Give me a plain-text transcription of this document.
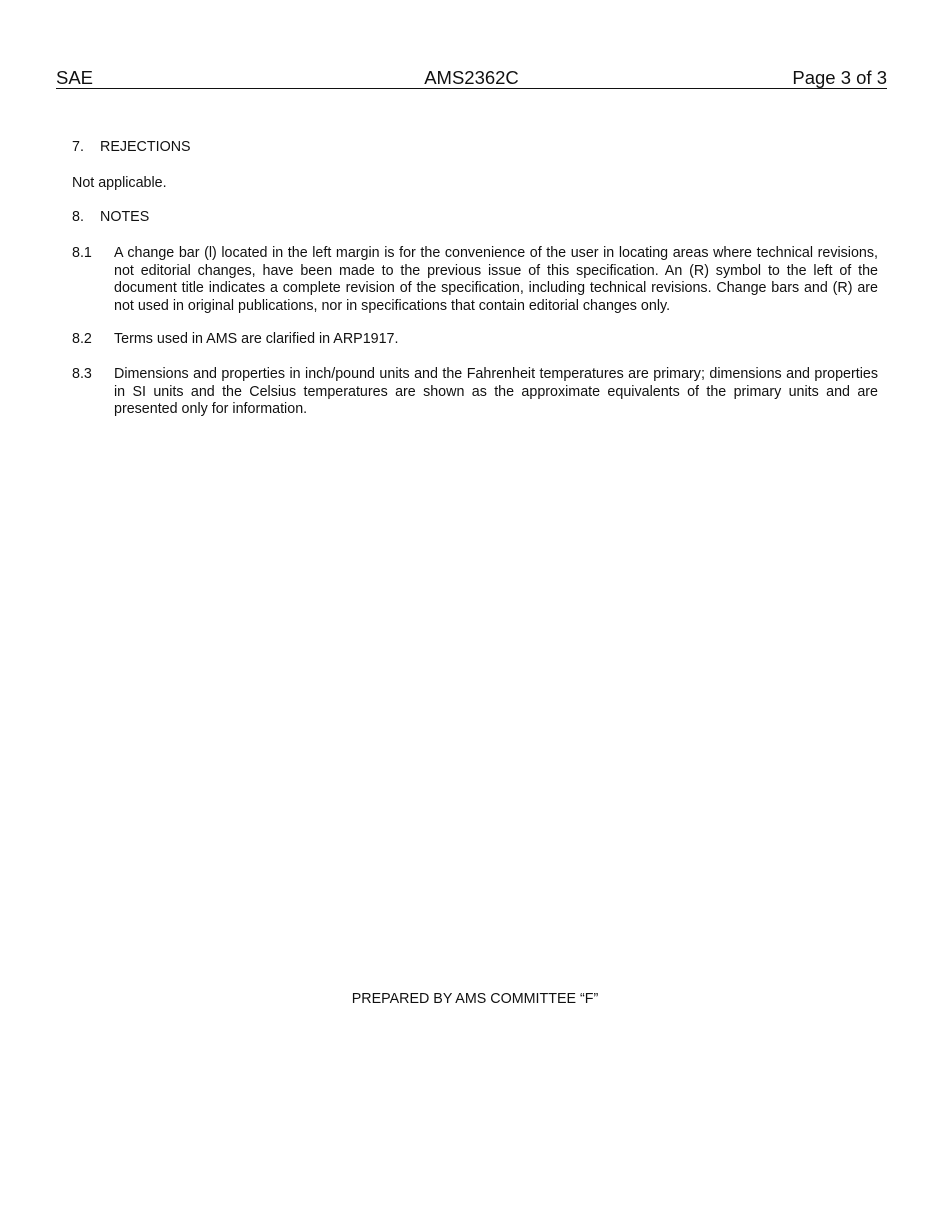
SAE	AMS2362C	Page 3 of 3
7. REJECTIONS
Not applicable.
8. NOTES
8.1 A change bar (l) located in the left margin is for the convenience of the user in locating areas where technical revisions, not editorial changes, have been made to the previous issue of this specification. An (R) symbol to the left of the document title indicates a complete revision of the specification, including technical revisions. Change bars and (R) are not used in original publications, nor in specifications that contain editorial changes only.
8.2 Terms used in AMS are clarified in ARP1917.
8.3 Dimensions and properties in inch/pound units and the Fahrenheit temperatures are primary; dimensions and properties in SI units and the Celsius temperatures are shown as the approximate equivalents of the primary units and are presented only for information.
PREPARED BY AMS COMMITTEE “F”
